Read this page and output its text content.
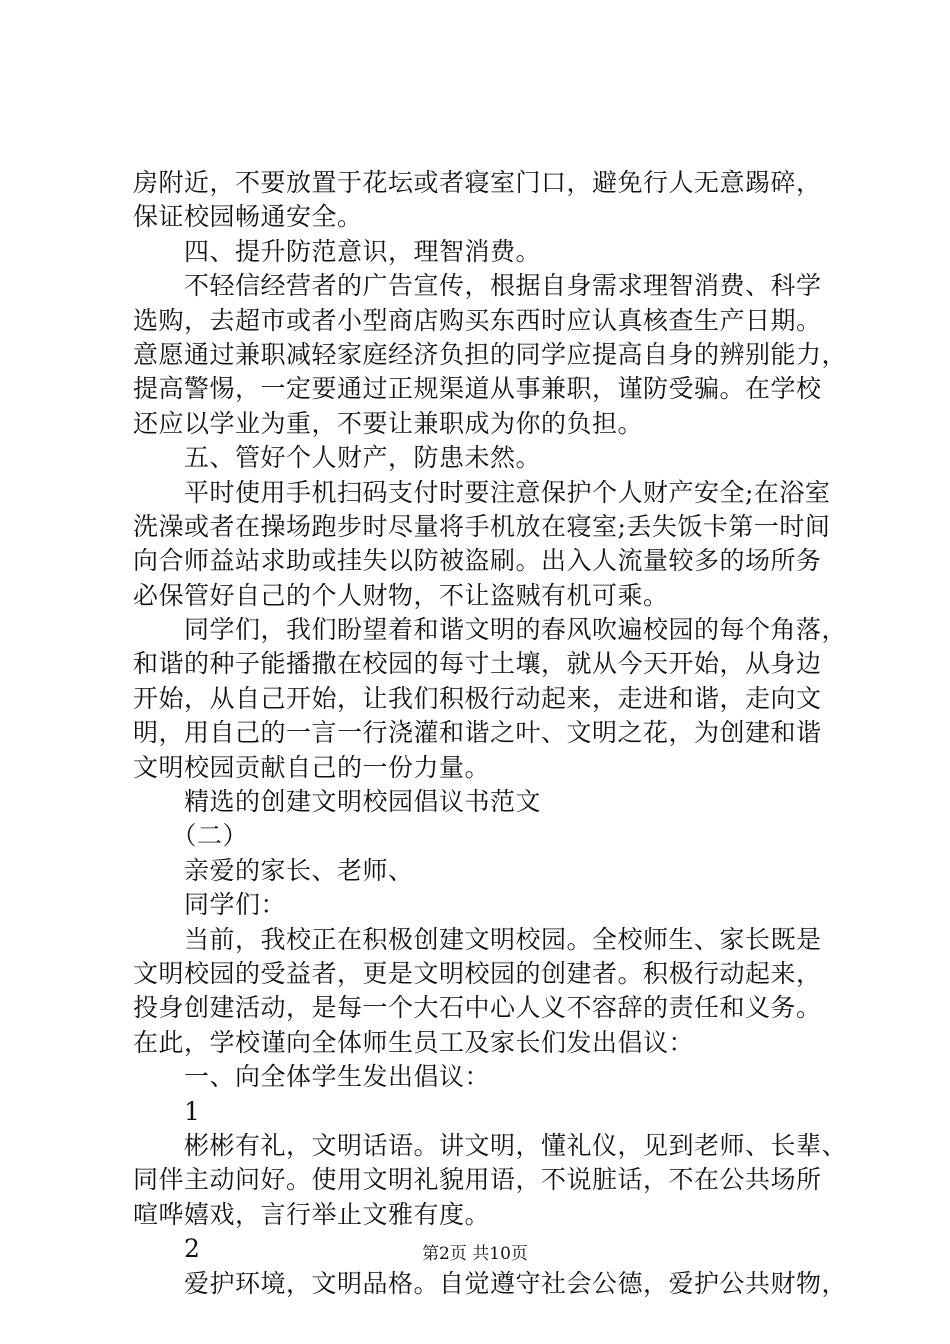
房附近，不要放置于花坛或者寝室门口，避免行人无意踢碎，
保证校园畅通安全。
　　四、提升防范意识，理智消费。
　　不轻信经营者的广告宣传，根据自身需求理智消费、科学
选购，去超市或者小型商店购买东西时应认真核查生产日期。
意愿通过兼职减轻家庭经济负担的同学应提高自身的辨别能力，
提高警惕，一定要通过正规渠道从事兼职，谨防受骗。在学校
还应以学业为重，不要让兼职成为你的负担。
　　五、管好个人财产，防患未然。
　　平时使用手机扫码支付时要注意保护个人财产安全;在浴室
洗澡或者在操场跑步时尽量将手机放在寝室;丢失饭卡第一时间
向合师益站求助或挂失以防被盗刷。出入人流量较多的场所务
必保管好自己的个人财物，不让盗贼有机可乘。
　　同学们，我们盼望着和谐文明的春风吹遍校园的每个角落，
和谐的种子能播撒在校园的每寸土壤，就从今天开始，从身边
开始，从自己开始，让我们积极行动起来，走进和谐，走向文
明，用自己的一言一行浇灌和谐之叶、文明之花，为创建和谐
文明校园贡献自己的一份力量。
　　精选的创建文明校园倡议书范文
　　（二）
　　亲爱的家长、老师、
　　同学们：
　　当前，我校正在积极创建文明校园。全校师生、家长既是
文明校园的受益者，更是文明校园的创建者。积极行动起来，
投身创建活动，是每一个大石中心人义不容辞的责任和义务。
在此，学校谨向全体师生员工及家长们发出倡议：
　　一、向全体学生发出倡议：
　　1
　　彬彬有礼，文明话语。讲文明，懂礼仪，见到老师、长辈、
同伴主动问好。使用文明礼貌用语，不说脏话，不在公共场所
喧哗嬉戏，言行举止文雅有度。
　　2
　　爱护环境，文明品格。自觉遵守社会公德，爱护公共财物，
第2页 共10页
